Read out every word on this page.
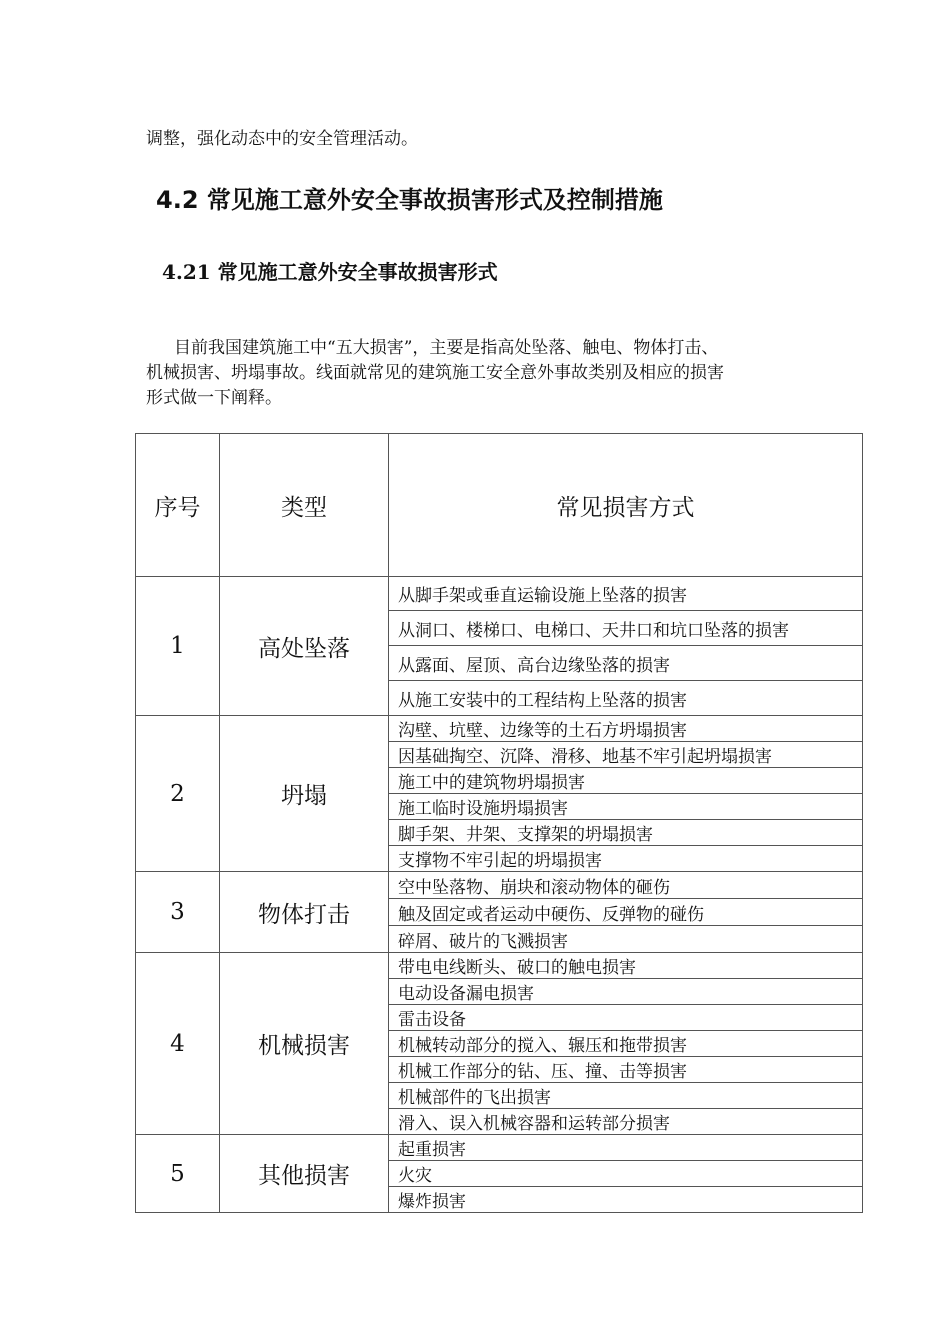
调整，强化动态中的安全管理活动。
4.2 常见施工意外安全事故损害形式及控制措施
4.21 常见施工意外安全事故损害形式
目前我国建筑施工中“五大损害”，主要是指高处坠落、触电、物体打击、
机械损害、坍塌事故。线面就常见的建筑施工安全意外事故类别及相应的损害
形式做一下阐释。
序号	类型	常见损害方式
1	高处坠落	
从脚手架或垂直运输设施上坠落的损害
从洞口、楼梯口、电梯口、天井口和坑口坠落的损害
从露面、屋顶、高台边缘坠落的损害
从施工安装中的工程结构上坠落的损害

2	坍塌	
沟壁、坑壁、边缘等的土石方坍塌损害
因基础掏空、沉降、滑移、地基不牢引起坍塌损害
施工中的建筑物坍塌损害
施工临时设施坍塌损害
脚手架、井架、支撑架的坍塌损害
支撑物不牢引起的坍塌损害

3	物体打击	
空中坠落物、崩块和滚动物体的砸伤
触及固定或者运动中硬伤、反弹物的碰伤
碎屑、破片的飞溅损害

4	机械损害	
带电电线断头、破口的触电损害
电动设备漏电损害
雷击设备
机械转动部分的搅入、辗压和拖带损害
机械工作部分的钻、压、撞、击等损害
机械部件的飞出损害
滑入、误入机械容器和运转部分损害

5	其他损害	
起重损害
火灾
爆炸损害
